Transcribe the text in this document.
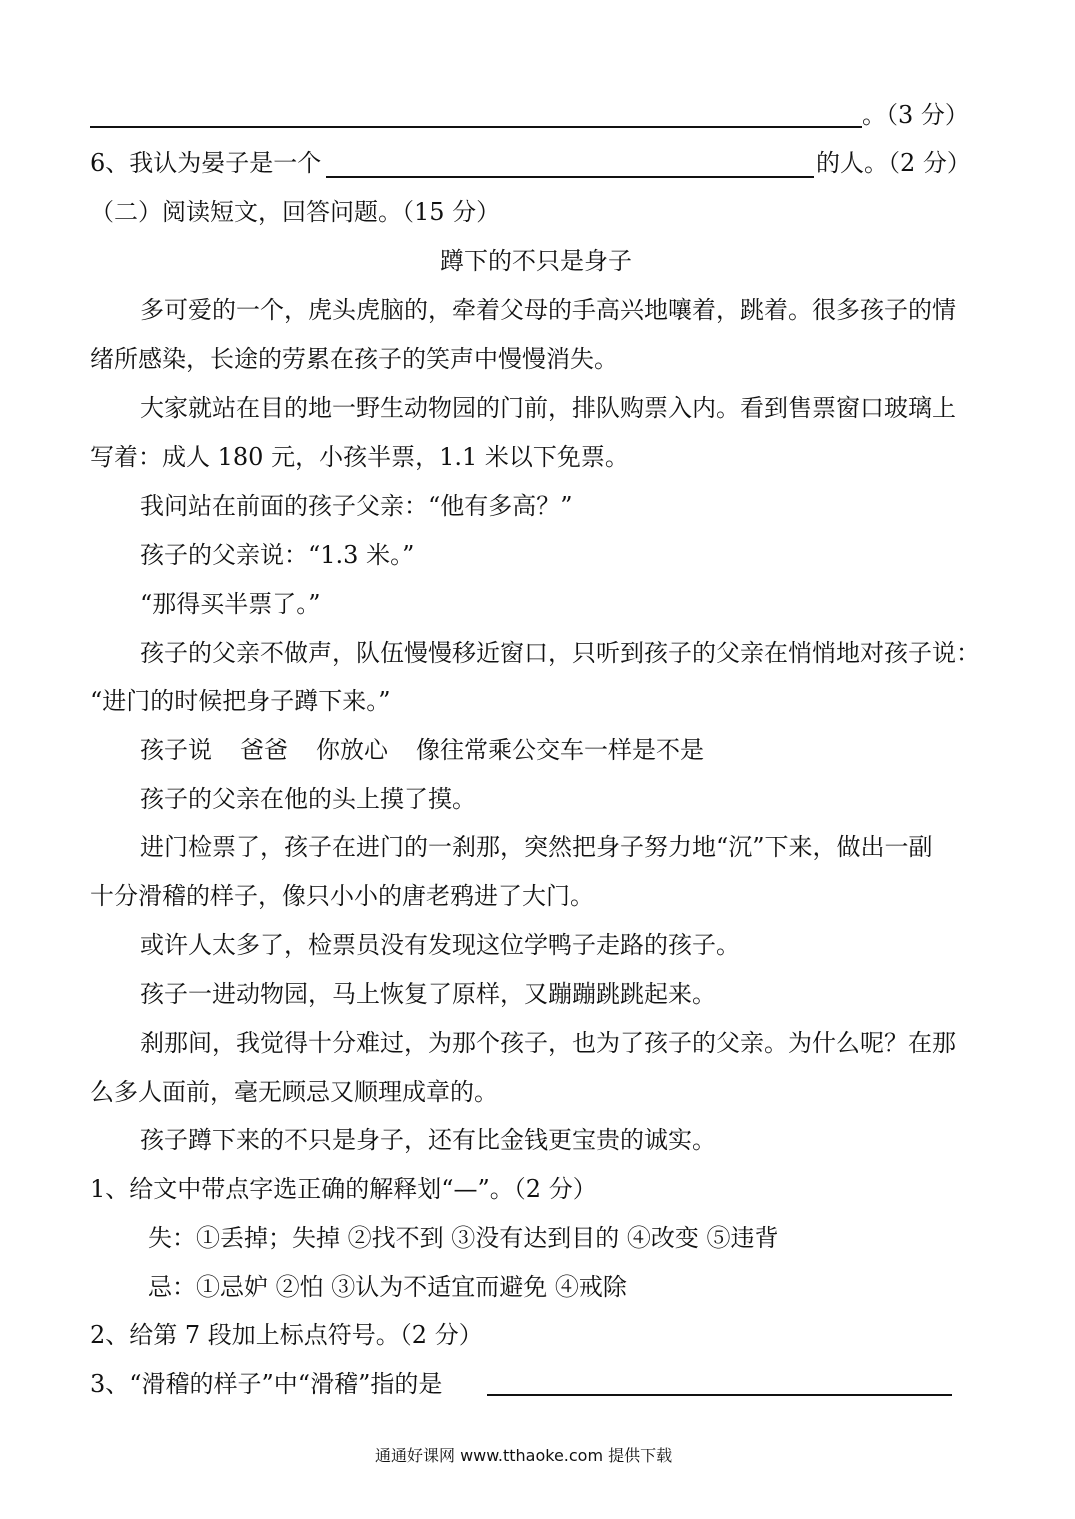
。（3 分）
6、我认为晏子是一个	的人。（2 分）
（二）阅读短文，回答问题。（15 分）
蹲下的不只是身子
多可爱的一个，虎头虎脑的，牵着父母的手高兴地嚷着，跳着。很多孩子的情
绪所感染，长途的劳累在孩子的笑声中慢慢消失。
大家就站在目的地一野生动物园的门前，排队购票入内。看到售票窗口玻璃上
写着：成人 180 元，小孩半票，1.1 米以下免票。
我问站在前面的孩子父亲：“他有多高？”
孩子的父亲说：“1.3 米。”
“那得买半票了。”
孩子的父亲不做声，队伍慢慢移近窗口，只听到孩子的父亲在悄悄地对孩子说：
“进门的时候把身子蹲下来。”
孩子说 爸爸 你放心 像往常乘公交车一样是不是
孩子的父亲在他的头上摸了摸。
进门检票了，孩子在进门的一刹那，突然把身子努力地“沉”下来，做出一副
十分滑稽的样子，像只小小的唐老鸦进了大门。
或许人太多了，检票员没有发现这位学鸭子走路的孩子。
孩子一进动物园，马上恢复了原样，又蹦蹦跳跳起来。
刹那间，我觉得十分难过，为那个孩子，也为了孩子的父亲。为什么呢？在那
么多人面前，毫无顾忌又顺理成章的。
孩子蹲下来的不只是身子，还有比金钱更宝贵的诚实。
1、给文中带点字选正确的解释划“—”。（2 分）
失：①丢掉；失掉 ②找不到 ③没有达到目的 ④改变 ⑤违背
忌：①忌妒 ②怕 ③认为不适宜而避免 ④戒除
2、给第 7 段加上标点符号。（2 分）
3、“滑稽的样子”中“滑稽”指的是
通通好课网 www.tthaoke.com 提供下载
